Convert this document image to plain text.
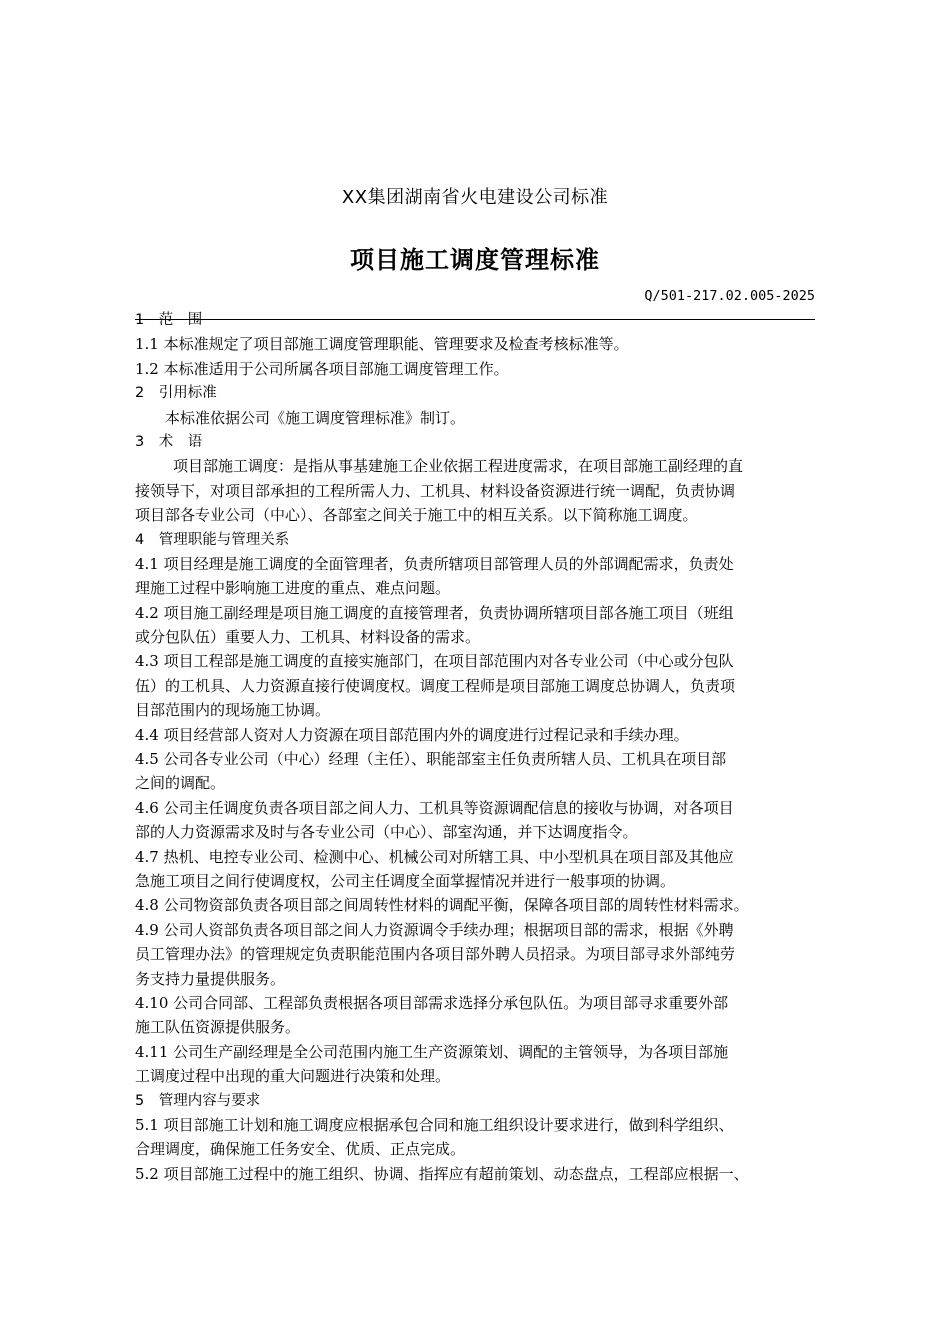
XX集团湖南省火电建设公司标准
项目施工调度管理标准
Q/501-217.02.005-2025
1　范　围
1.1 本标准规定了项目部施工调度管理职能、管理要求及检查考核标准等。
1.2 本标准适用于公司所属各项目部施工调度管理工作。
2　引用标准
本标准依据公司《施工调度管理标准》制订。
3　术　语
项目部施工调度：是指从事基建施工企业依据工程进度需求，在项目部施工副经理的直
接领导下，对项目部承担的工程所需人力、工机具、材料设备资源进行统一调配，负责协调
项目部各专业公司（中心）、各部室之间关于施工中的相互关系。以下简称施工调度。
4　管理职能与管理关系
4.1 项目经理是施工调度的全面管理者，负责所辖项目部管理人员的外部调配需求，负责处
理施工过程中影响施工进度的重点、难点问题。
4.2 项目施工副经理是项目施工调度的直接管理者，负责协调所辖项目部各施工项目（班组
或分包队伍）重要人力、工机具、材料设备的需求。
4.3 项目工程部是施工调度的直接实施部门，在项目部范围内对各专业公司（中心或分包队
伍）的工机具、人力资源直接行使调度权。调度工程师是项目部施工调度总协调人，负责项
目部范围内的现场施工协调。
4.4 项目经营部人资对人力资源在项目部范围内外的调度进行过程记录和手续办理。
4.5 公司各专业公司（中心）经理（主任）、职能部室主任负责所辖人员、工机具在项目部
之间的调配。
4.6 公司主任调度负责各项目部之间人力、工机具等资源调配信息的接收与协调，对各项目
部的人力资源需求及时与各专业公司（中心）、部室沟通，并下达调度指令。
4.7 热机、电控专业公司、检测中心、机械公司对所辖工具、中小型机具在项目部及其他应
急施工项目之间行使调度权，公司主任调度全面掌握情况并进行一般事项的协调。
4.8 公司物资部负责各项目部之间周转性材料的调配平衡，保障各项目部的周转性材料需求。
4.9 公司人资部负责各项目部之间人力资源调令手续办理；根据项目部的需求，根据《外聘
员工管理办法》的管理规定负责职能范围内各项目部外聘人员招录。为项目部寻求外部纯劳
务支持力量提供服务。
4.10 公司合同部、工程部负责根据各项目部需求选择分承包队伍。为项目部寻求重要外部
施工队伍资源提供服务。
4.11 公司生产副经理是全公司范围内施工生产资源策划、调配的主管领导，为各项目部施
工调度过程中出现的重大问题进行决策和处理。
5　管理内容与要求
5.1 项目部施工计划和施工调度应根据承包合同和施工组织设计要求进行，做到科学组织、
合理调度，确保施工任务安全、优质、正点完成。
5.2 项目部施工过程中的施工组织、协调、指挥应有超前策划、动态盘点，工程部应根据一、
